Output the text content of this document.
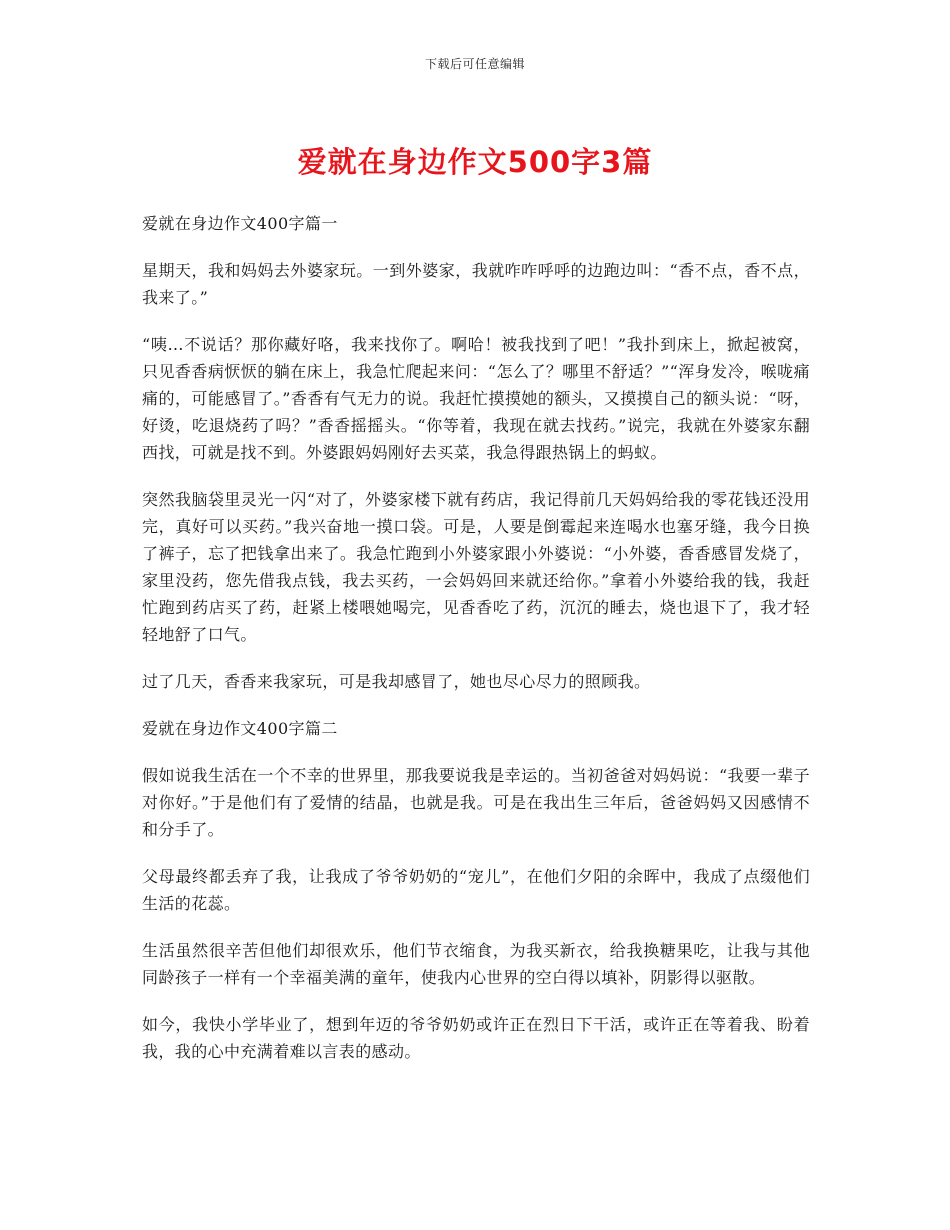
下载后可任意编辑
爱就在身边作文500字3篇

爱就在身边作文400字篇一

星期天，我和妈妈去外婆家玩。一到外婆家，我就咋咋呼呼的边跑边叫：“香不点，香不点，我来了。”

“咦…不说话？那你藏好咯，我来找你了。啊哈！被我找到了吧！”我扑到床上，掀起被窝，只见香香病恹恹的躺在床上，我急忙爬起来问：“怎么了？哪里不舒适？”“浑身发冷，喉咙痛痛的，可能感冒了。”香香有气无力的说。我赶忙摸摸她的额头，又摸摸自己的额头说：“呀，好烫，吃退烧药了吗？”香香摇摇头。“你等着，我现在就去找药。”说完，我就在外婆家东翻西找，可就是找不到。外婆跟妈妈刚好去买菜，我急得跟热锅上的蚂蚁。

突然我脑袋里灵光一闪“对了，外婆家楼下就有药店，我记得前几天妈妈给我的零花钱还没用完，真好可以买药。”我兴奋地一摸口袋。可是，人要是倒霉起来连喝水也塞牙缝，我今日换了裤子，忘了把钱拿出来了。我急忙跑到小外婆家跟小外婆说：“小外婆，香香感冒发烧了，家里没药，您先借我点钱，我去买药，一会妈妈回来就还给你。”拿着小外婆给我的钱，我赶忙跑到药店买了药，赶紧上楼喂她喝完，见香香吃了药，沉沉的睡去，烧也退下了，我才轻轻地舒了口气。

过了几天，香香来我家玩，可是我却感冒了，她也尽心尽力的照顾我。

爱就在身边作文400字篇二

假如说我生活在一个不幸的世界里，那我要说我是幸运的。当初爸爸对妈妈说：“我要一辈子对你好。”于是他们有了爱情的结晶，也就是我。可是在我出生三年后，爸爸妈妈又因感情不和分手了。

父母最终都丢弃了我，让我成了爷爷奶奶的“宠儿”，在他们夕阳的余晖中，我成了点缀他们生活的花蕊。

生活虽然很辛苦但他们却很欢乐，他们节衣缩食，为我买新衣，给我换糖果吃，让我与其他同龄孩子一样有一个幸福美满的童年，使我内心世界的空白得以填补，阴影得以驱散。

如今，我快小学毕业了，想到年迈的爷爷奶奶或许正在烈日下干活，或许正在等着我、盼着我，我的心中充满着难以言表的感动。
